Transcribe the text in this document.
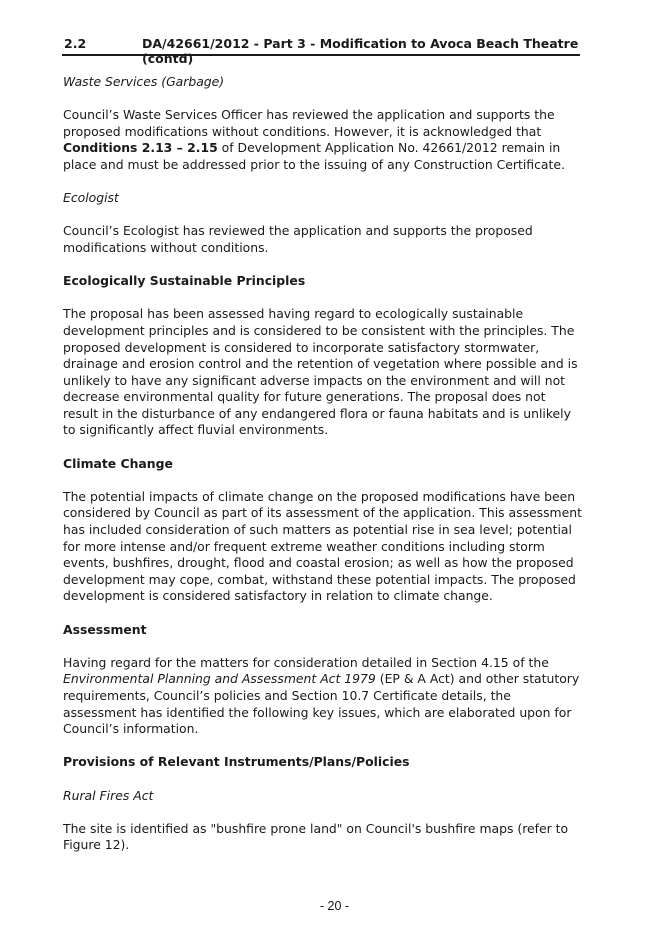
2.2	DA/42661/2012 - Part 3 - Modification to Avoca Beach Theatre (contd)

Waste Services (Garbage)

Council’s Waste Services Officer has reviewed the application and supports the proposed modifications without conditions. However, it is acknowledged that Conditions 2.13 – 2.15 of Development Application No. 42661/2012 remain in place and must be addressed prior to the issuing of any Construction Certificate.

Ecologist

Council’s Ecologist has reviewed the application and supports the proposed modifications without conditions.

Ecologically Sustainable Principles

The proposal has been assessed having regard to ecologically sustainable development principles and is considered to be consistent with the principles. The proposed development is considered to incorporate satisfactory stormwater, drainage and erosion control and the retention of vegetation where possible and is unlikely to have any significant adverse impacts on the environment and will not decrease environmental quality for future generations. The proposal does not result in the disturbance of any endangered flora or fauna habitats and is unlikely to significantly affect fluvial environments.

Climate Change

The potential impacts of climate change on the proposed modifications have been considered by Council as part of its assessment of the application. This assessment has included consideration of such matters as potential rise in sea level; potential for more intense and/or frequent extreme weather conditions including storm events, bushfires, drought, flood and coastal erosion; as well as how the proposed development may cope, combat, withstand these potential impacts. The proposed development is considered satisfactory in relation to climate change.

Assessment

Having regard for the matters for consideration detailed in Section 4.15 of the Environmental Planning and Assessment Act 1979 (EP & A Act) and other statutory requirements, Council’s policies and Section 10.7 Certificate details, the assessment has identified the following key issues, which are elaborated upon for Council’s information.

Provisions of Relevant Instruments/Plans/Policies

Rural Fires Act

The site is identified as "bushfire prone land" on Council's bushfire maps (refer to Figure 12).

- 20 -
